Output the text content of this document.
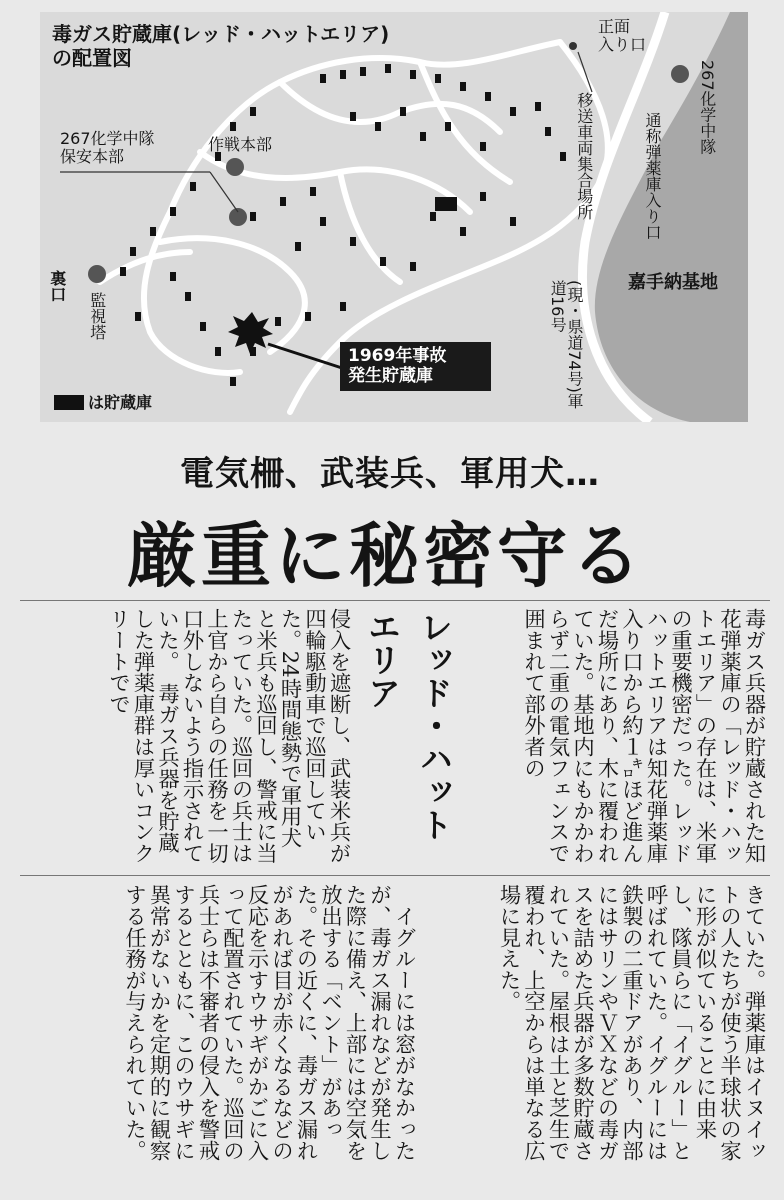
毒ガス貯蔵庫(レッド・ハットエリア)
の配置図
正面
入り口
移送車両集合場所	267化学中隊
通称弾薬庫入り口
267化学中隊
保安本部
作戦本部
裏口
監視塔
嘉手納基地
(現・県道74号)軍道16号
1969年事故
発生貯蔵庫
は貯蔵庫
電気柵、武装兵、軍用犬…
厳重に秘密守る
レッド・ハット エリア	毒ガス兵器が貯蔵された知花弾薬庫の「レッド・ハットエリア」の存在は、米軍の重要機密だった。レッドハットエリアは知花弾薬庫入り口から約１㌔ほど進んだ場所にあり、木に覆われていた。基地内にもかかわらず二重の電気フェンスで囲まれて部外者の
侵入を遮断し、武装米兵が四輪駆動車で巡回していた。24時間態勢で軍用犬と米兵も巡回し、警戒に当たっていた。巡回の兵士は上官から自らの任務を一切口外しないよう指示されていた。　毒ガス兵器を貯蔵した弾薬庫群は厚いコンクリートでで
きていた。弾薬庫はイヌイットの人たちが使う半球状の家に形が似ていることに由来し、隊員らに「イグルー」と呼ばれていた。イグルーには鉄製の二重ドアがあり、内部にはサリンやＶＸなどの毒ガスを詰めた兵器が多数貯蔵されていた。屋根は土と芝生で覆われ、上空からは単なる広場に見えた。
　イグルーには窓がなかったが、毒ガス漏れなどが発生した際に備え、上部には空気を放出する「ベント」があった。その近くに、毒ガス漏れがあれば目が赤くなるなどの反応を示すウサギがかごに入って配置されていた。巡回の兵士らは不審者の侵入を警戒するとともに、このウサギに異常がないかを定期的に観察する任務が与えられていた。
